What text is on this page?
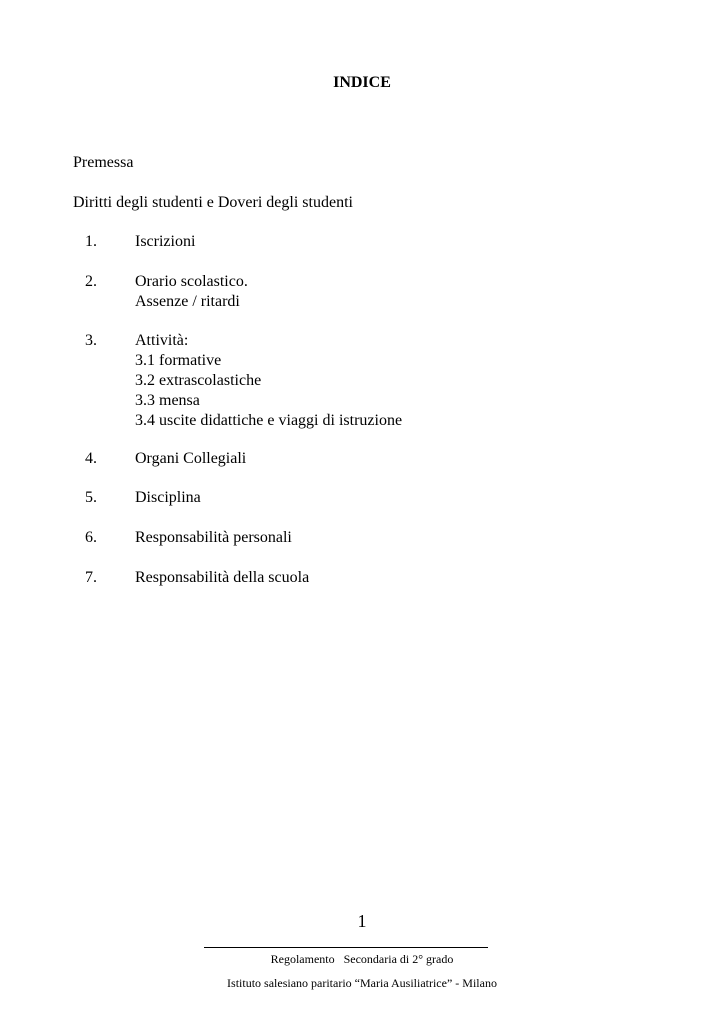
INDICE
Premessa
Diritti degli studenti e Doveri degli studenti
1. Iscrizioni
2. Orario scolastico.
Assenze / ritardi
3. Attività:
3.1 formative
3.2 extrascolastiche
3.3 mensa
3.4 uscite didattiche e viaggi di istruzione
4. Organi Collegiali
5. Disciplina
6. Responsabilità personali
7. Responsabilità della scuola
1
Regolamento   Secondaria di 2° grado
Istituto salesiano paritario “Maria Ausiliatrice” - Milano
